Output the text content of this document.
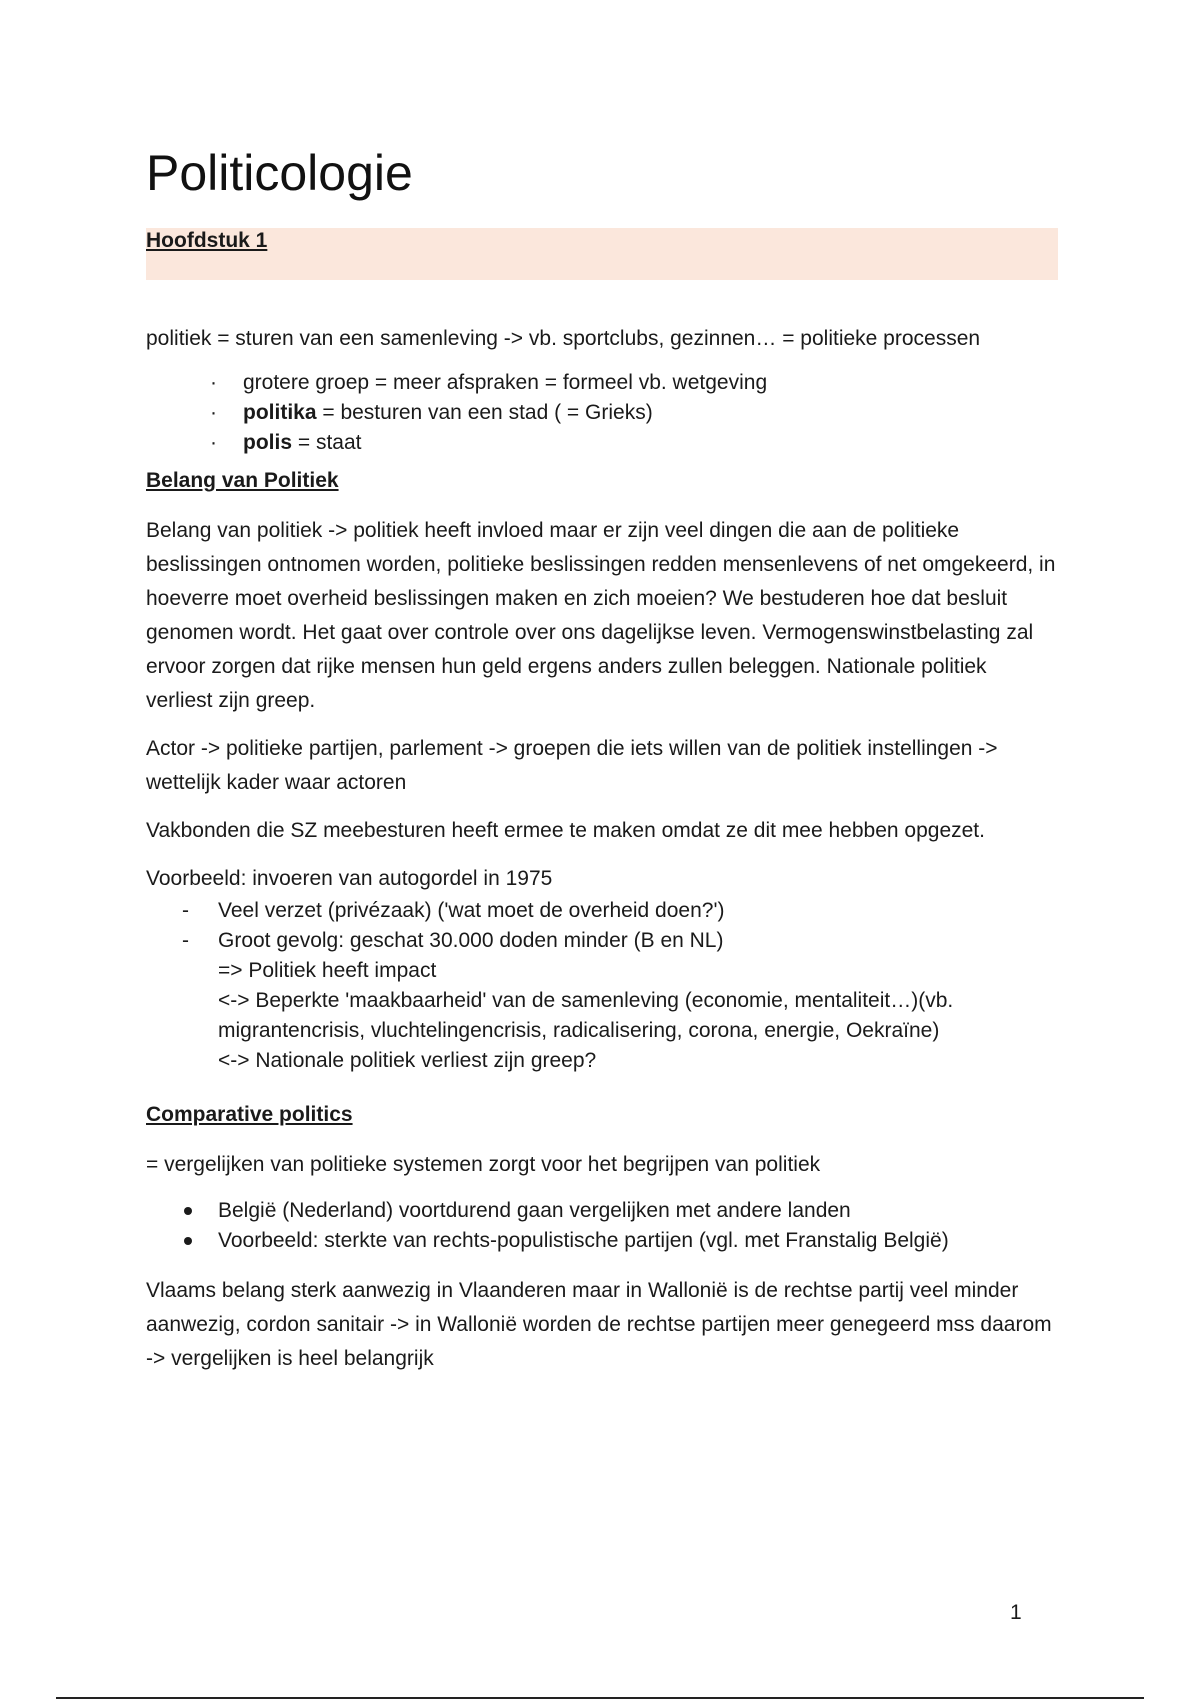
Politicologie
Hoofdstuk 1

politiek = sturen van een samenleving -> vb. sportclubs, gezinnen… = politieke processen

· grotere groep = meer afspraken = formeel vb. wetgeving
· politika = besturen van een stad ( = Grieks)
· polis = staat
Belang van Politiek

Belang van politiek -> politiek heeft invloed maar er zijn veel dingen die aan de politieke beslissingen ontnomen worden, politieke beslissingen redden mensenlevens of net omgekeerd, in hoeverre moet overheid beslissingen maken en zich moeien? We bestuderen hoe dat besluit genomen wordt. Het gaat over controle over ons dagelijkse leven. Vermogenswinstbelasting zal ervoor zorgen dat rijke mensen hun geld ergens anders zullen beleggen. Nationale politiek verliest zijn greep.

Actor -> politieke partijen, parlement -> groepen die iets willen van de politiek instellingen -> wettelijk kader waar actoren

Vakbonden die SZ meebesturen heeft ermee te maken omdat ze dit mee hebben opgezet.

Voorbeeld: invoeren van autogordel in 1975

- Veel verzet (privézaak) ('wat moet de overheid doen?')
- Groot gevolg: geschat 30.000 doden minder (B en NL)
=> Politiek heeft impact
<-> Beperkte 'maakbaarheid' van de samenleving (economie, mentaliteit…)(vb.
migrantencrisis, vluchtelingencrisis, radicalisering, corona, energie, Oekraïne)
<-> Nationale politiek verliest zijn greep?
Comparative politics

= vergelijken van politieke systemen zorgt voor het begrijpen van politiek

België (Nederland) voortdurend gaan vergelijken met andere landen
Voorbeeld: sterkte van rechts-populistische partijen (vgl. met Franstalig België)

Vlaams belang sterk aanwezig in Vlaanderen maar in Wallonië is de rechtse partij veel minder aanwezig, cordon sanitair -> in Wallonië worden de rechtse partijen meer genegeerd mss daarom -> vergelijken is heel belangrijk

1
